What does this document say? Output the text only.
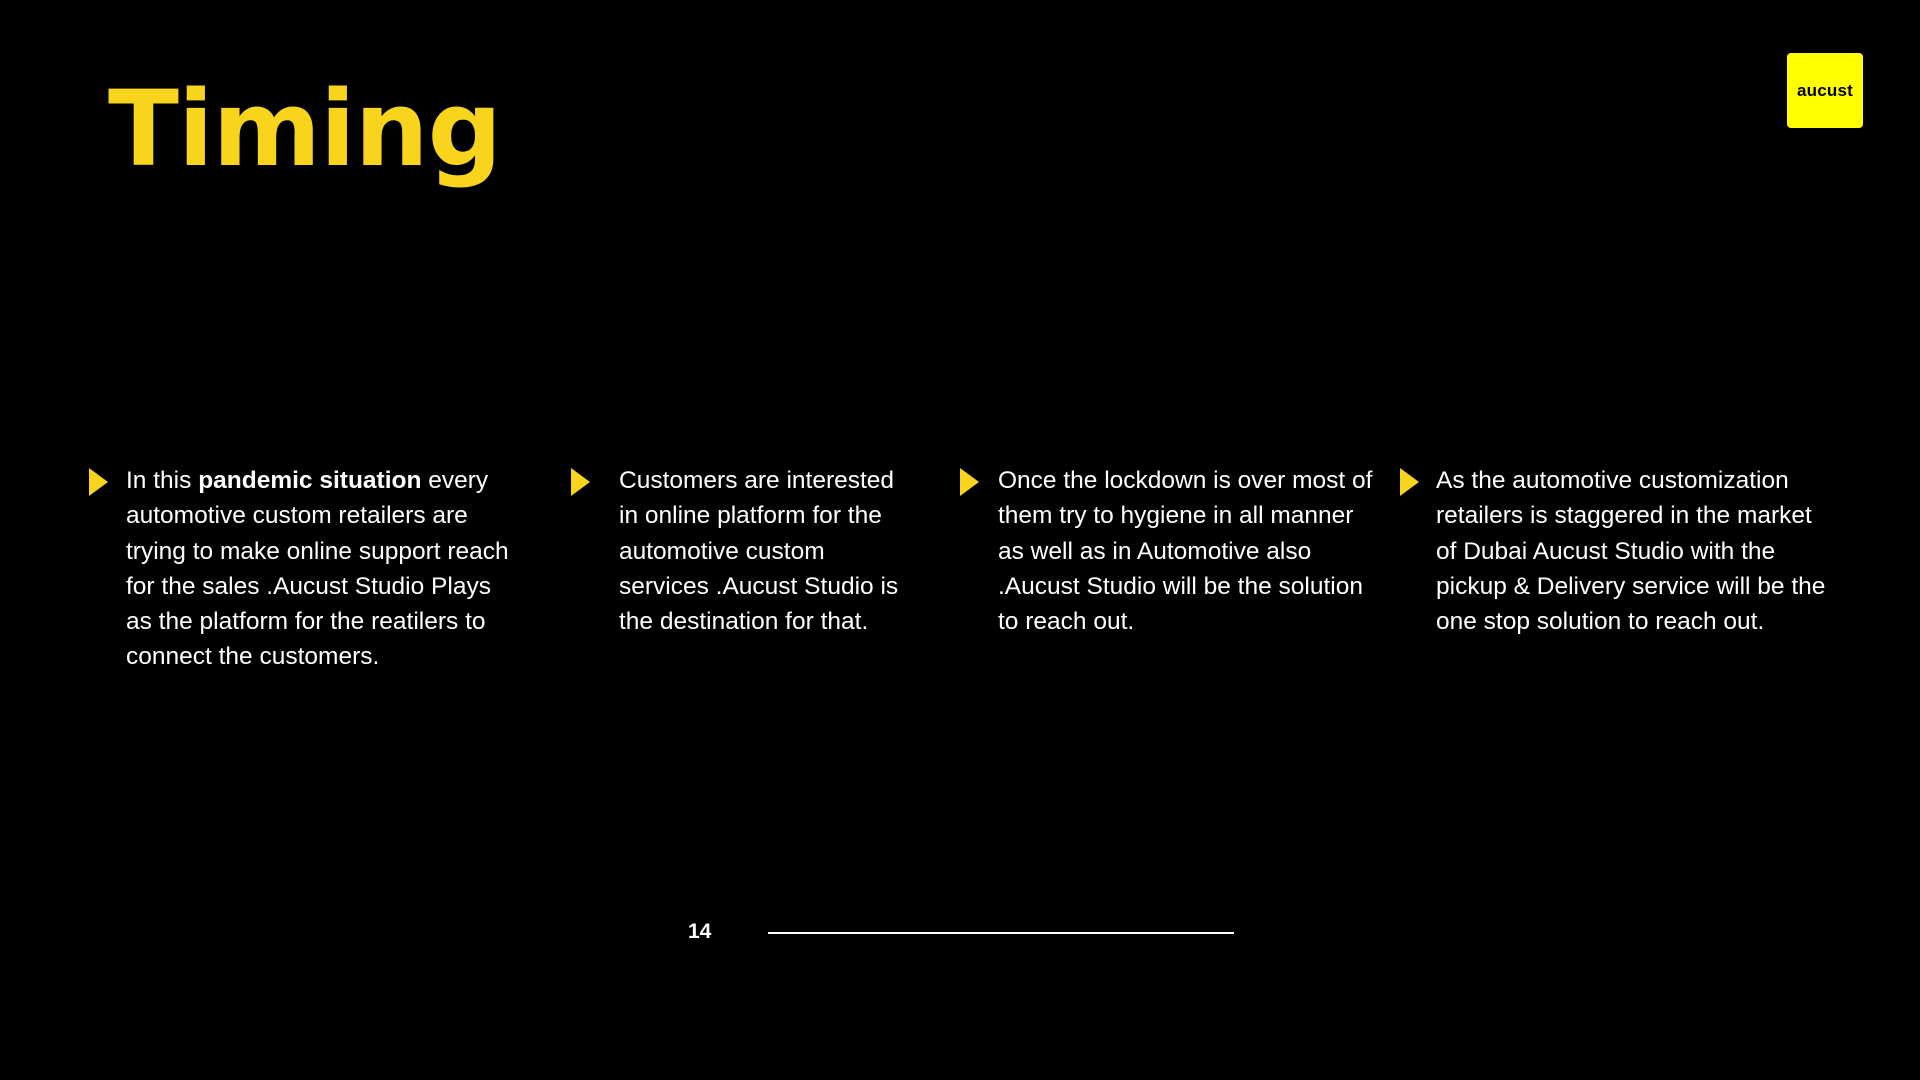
Timing	aucust

In this pandemic situation every automotive custom retailers are trying to make online support reach for the sales .Aucust Studio Plays as the platform for the reatilers to connect the customers.

Customers are interested in online platform for the automotive custom services .Aucust Studio is the destination for that.

Once the lockdown is over most of them try to hygiene in all manner as well as in Automotive also .Aucust Studio will be the solution to reach out.

As the automotive customization retailers is staggered in the market of Dubai Aucust Studio with the pickup & Delivery service will be the one stop solution to reach out.

14
